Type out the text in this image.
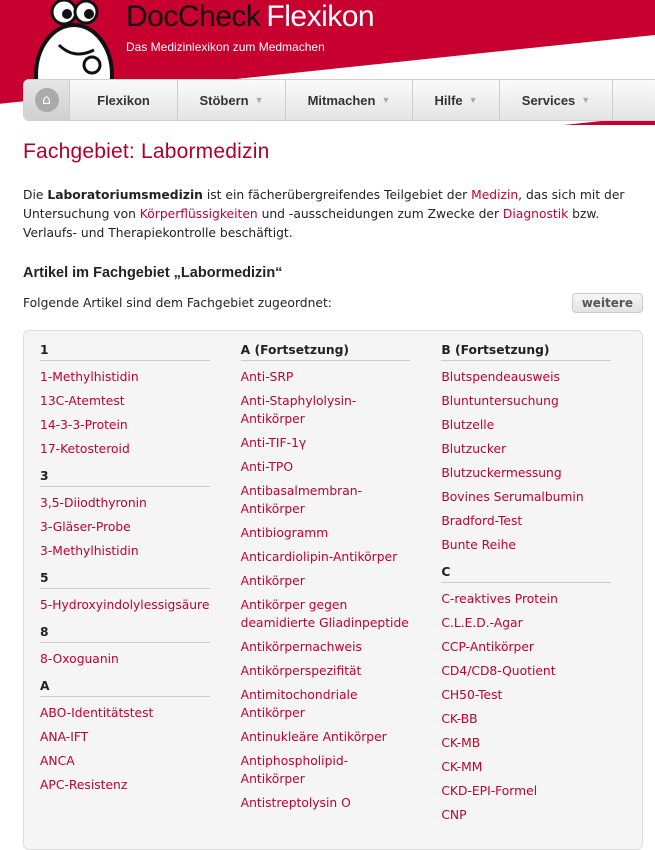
DocCheck Flexikon
Das Medizinlexikon zum Medmachen
⌂	Flexikon	Stöbern ▼	Mitmachen ▼	Hilfe ▼	Services ▼
Fachgebiet: Labormedizin

Die Laboratoriumsmedizin ist ein fächerübergreifendes Teilgebiet der Medizin, das sich mit der Untersuchung von Körperflüssigkeiten und -ausscheidungen zum Zwecke der Diagnostik bzw. Verlaufs- und Therapiekontrolle beschäftigt.

Artikel im Fachgebiet „Labormedizin“
Folgende Artikel sind dem Fachgebiet zugeordnet:	weitere
1
1-Methylhistidin
13C-Atemtest
14-3-3-Protein
17-Ketosteroid
3
3,5-Diiodthyronin
3-Gläser-Probe
3-Methylhistidin
5
5-Hydroxyindolylessigsäure
8
8-Oxoguanin
A
ABO-Identitätstest
ANA-IFT
ANCA
APC-Resistenz
A (Fortsetzung)
Anti-SRP
Anti-Staphylolysin-Antikörper
Anti-TIF-1γ
Anti-TPO
Antibasalmembran-Antikörper
Antibiogramm
Anticardiolipin-Antikörper
Antikörper
Antikörper gegen deamidierte Gliadinpeptide
Antikörpernachweis
Antikörperspezifität
Antimitochondriale Antikörper
Antinukleäre Antikörper
Antiphospholipid-Antikörper
Antistreptolysin O
B (Fortsetzung)
Blutspendeausweis
Bluntuntersuchung
Blutzelle
Blutzucker
Blutzuckermessung
Bovines Serumalbumin
Bradford-Test
Bunte Reihe
C
C-reaktives Protein
C.L.E.D.-Agar
CCP-Antikörper
CD4/CD8-Quotient
CH50-Test
CK-BB
CK-MB
CK-MM
CKD-EPI-Formel
CNP
